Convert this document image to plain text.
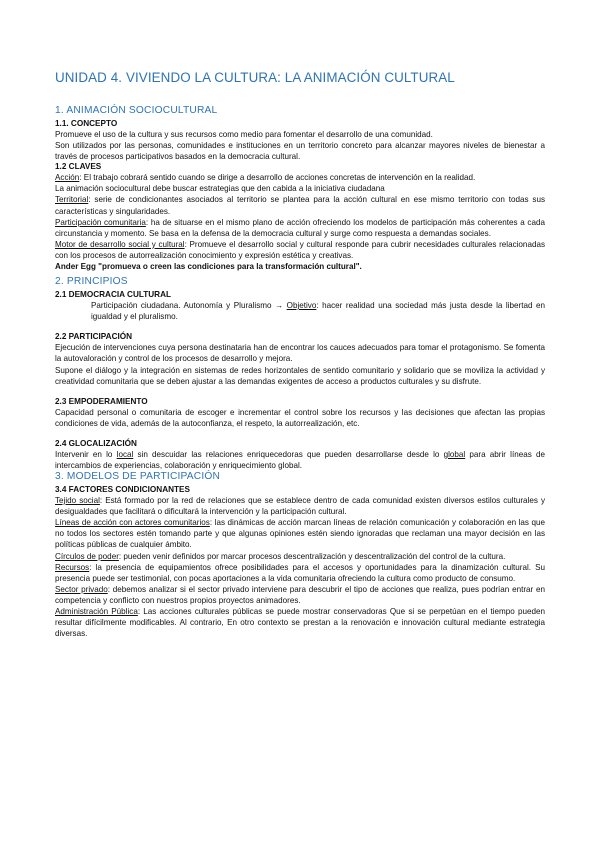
UNIDAD 4. VIVIENDO LA CULTURA: LA ANIMACIÓN CULTURAL
1. ANIMACIÓN SOCIOCULTURAL
1.1. CONCEPTO

Promueve el uso de la cultura y sus recursos como medio para fomentar el desarrollo de una comunidad.

Son utilizados por las personas, comunidades e instituciones en un territorio concreto para alcanzar mayores niveles de bienestar a través de procesos participativos basados en la democracia cultural.

1.2 CLAVES

Acción: El trabajo cobrará sentido cuando se dirige a desarrollo de acciones concretas de intervención en la realidad.

La animación sociocultural debe buscar estrategias que den cabida a la iniciativa ciudadana

Territorial: serie de condicionantes asociados al territorio se plantea para la acción cultural en ese mismo territorio con todas sus características y singularidades.

Participación comunitaria: ha de situarse en el mismo plano de acción ofreciendo los modelos de participación más coherentes a cada circunstancia y momento. Se basa en la defensa de la democracia cultural y surge como respuesta a demandas sociales.

Motor de desarrollo social y cultural: Promueve el desarrollo social y cultural responde para cubrir necesidades culturales relacionadas con los procesos de autorrealización conocimiento y expresión estética y creativas.

Ander Egg "promueva o creen las condiciones para la transformación cultural".

2. PRINCIPIOS
2.1 DEMOCRACIA CULTURAL

Participación ciudadana. Autonomía y Pluralismo → Objetivo: hacer realidad una sociedad más justa desde la libertad en igualdad y el pluralismo.

2.2 PARTICIPACIÓN

Ejecución de intervenciones cuya persona destinataria han de encontrar los cauces adecuados para tomar el protagonismo. Se fomenta la autovaloración y control de los procesos de desarrollo y mejora.

Supone el diálogo y la integración en sistemas de redes horizontales de sentido comunitario y solidario que se moviliza la actividad y creatividad comunitaria que se deben ajustar a las demandas exigentes de acceso a productos culturales y su disfrute.

2.3 EMPODERAMIENTO

Capacidad personal o comunitaria de escoger e incrementar el control sobre los recursos y las decisiones que afectan las propias condiciones de vida, además de la autoconfianza, el respeto, la autorrealización, etc.

2.4 GLOCALIZACIÓN

Intervenir en lo local sin descuidar las relaciones enriquecedoras que pueden desarrollarse desde lo global para abrir líneas de intercambios de experiencias, colaboración y enriquecimiento global.

3. MODELOS DE PARTICIPACIÓN
3.4 FACTORES CONDICIONANTES

Tejido social: Está formado por la red de relaciones que se establece dentro de cada comunidad existen diversos estilos culturales y desigualdades que facilitará o dificultará la intervención y la participación cultural.

Líneas de acción con actores comunitarios: las dinámicas de acción marcan líneas de relación comunicación y colaboración en las que no todos los sectores estén tomando parte y que algunas opiniones estén siendo ignoradas que reclaman una mayor decisión en las políticas públicas de cualquier ámbito.

Círculos de poder: pueden venir definidos por marcar procesos descentralización y descentralización del control de la cultura.

Recursos: la presencia de equipamientos ofrece posibilidades para el accesos y oportunidades para la dinamización cultural. Su presencia puede ser testimonial, con pocas aportaciones a la vida comunitaria ofreciendo la cultura como producto de consumo.

Sector privado: debemos analizar si el sector privado interviene para descubrir el tipo de acciones que realiza, pues podrían entrar en competencia y conflicto con nuestros propios proyectos animadores.

Administración Pública: Las acciones culturales públicas se puede mostrar conservadoras Que si se perpetúan en el tiempo pueden resultar difícilmente modificables. Al contrario, En otro contexto se prestan a la renovación e innovación cultural mediante estrategia diversas.
